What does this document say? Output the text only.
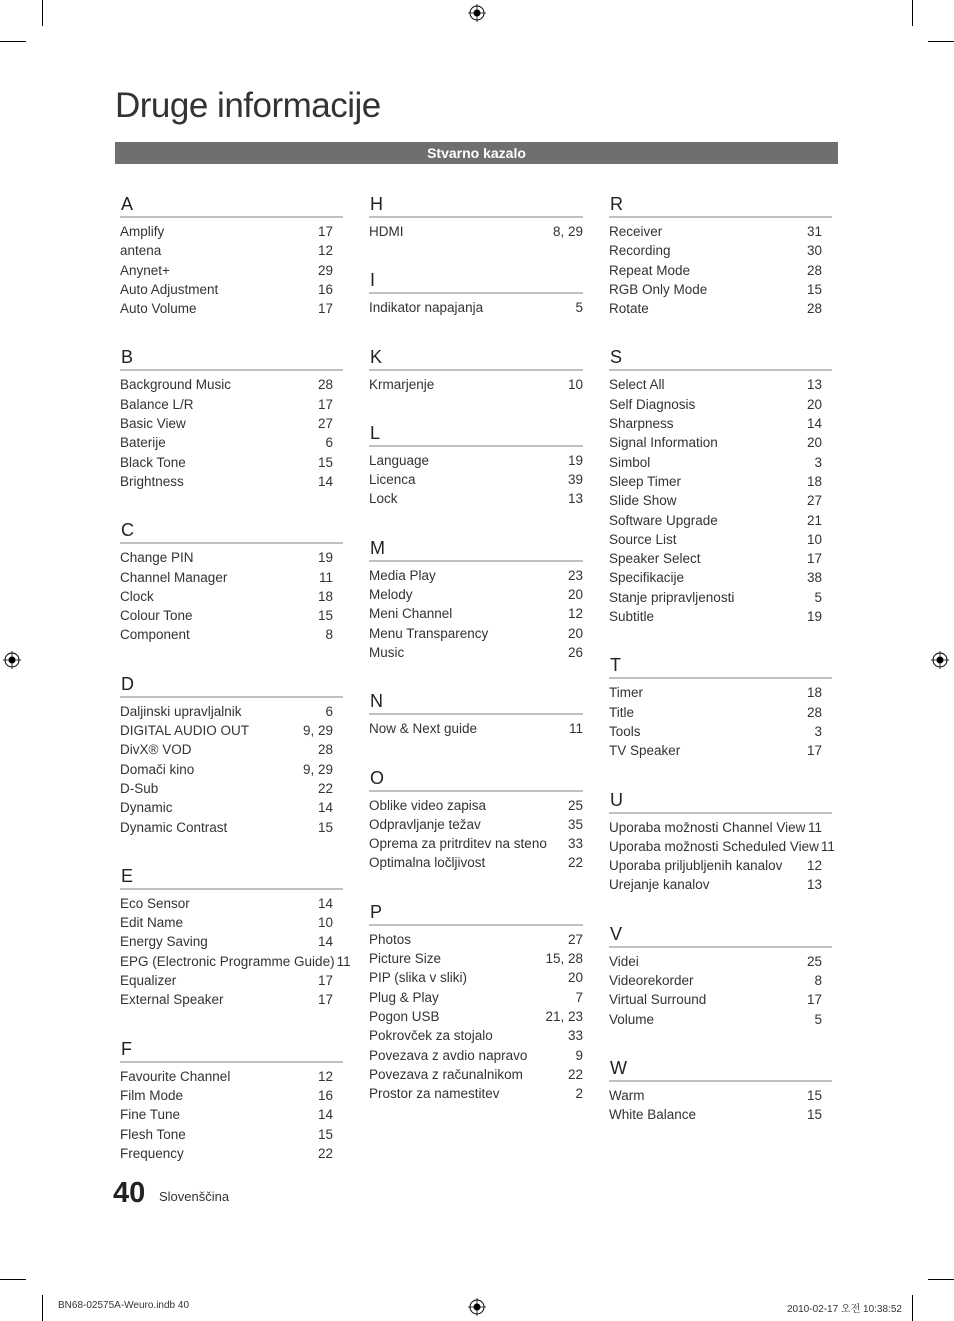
Druge informacije
Stvarno kazalo
A
Amplify	17
antena	12
Anynet+	29
Auto Adjustment	16
Auto Volume	17
B
Background Music	28
Balance L/R	17
Basic View	27
Baterije	6
Black Tone	15
Brightness	14
C
Change PIN	19
Channel Manager	11
Clock	18
Colour Tone	15
Component	8
D
Daljinski upravljalnik	6
DIGITAL AUDIO OUT	9, 29
DivX® VOD	28
Domači kino	9, 29
D-Sub	22
Dynamic	14
Dynamic Contrast	15
E
Eco Sensor	14
Edit Name	10
Energy Saving	14
EPG (Electronic Programme Guide) 11
Equalizer	17
External Speaker	17
F
Favourite Channel	12
Film Mode	16
Fine Tune	14
Flesh Tone	15
Frequency	22
H
HDMI	8, 29
I
Indikator napajanja	5
K
Krmarjenje	10
L
Language	19
Licenca	39
Lock	13
M
Media Play	23
Melody	20
Meni Channel	12
Menu Transparency	20
Music	26
N
Now & Next guide	11
O
Oblike video zapisa	25
Odpravljanje težav	35
Oprema za pritrditev na steno 33
Optimalna ločljivost	22
P
Photos	27
Picture Size	15, 28
PIP (slika v sliki)	20
Plug & Play	7
Pogon USB	21, 23
Pokrovček za stojalo	33
Povezava z avdio napravo	9
Povezava z računalnikom	22
Prostor za namestitev	2
R
Receiver	31
Recording	30
Repeat Mode	28
RGB Only Mode	15
Rotate	28
S
Select All	13
Self Diagnosis	20
Sharpness	14
Signal Information	20
Simbol	3
Sleep Timer	18
Slide Show	27
Software Upgrade	21
Source List	10
Speaker Select	17
Specifikacije	38
Stanje pripravljenosti	5
Subtitle	19
T
Timer	18
Title	28
Tools	3
TV Speaker	17
U
Uporaba možnosti Channel View 11
Uporaba možnosti Scheduled View 11
Uporaba priljubljenih kanalov 12
Urejanje kanalov	13
V
Videi	25
Videorekorder	8
Virtual Surround	17
Volume	5
W
Warm	15
White Balance	15
40 Slovenščina
BN68-02575A-Weuro.indb 40	2010-02-17 오전 10:38:52
